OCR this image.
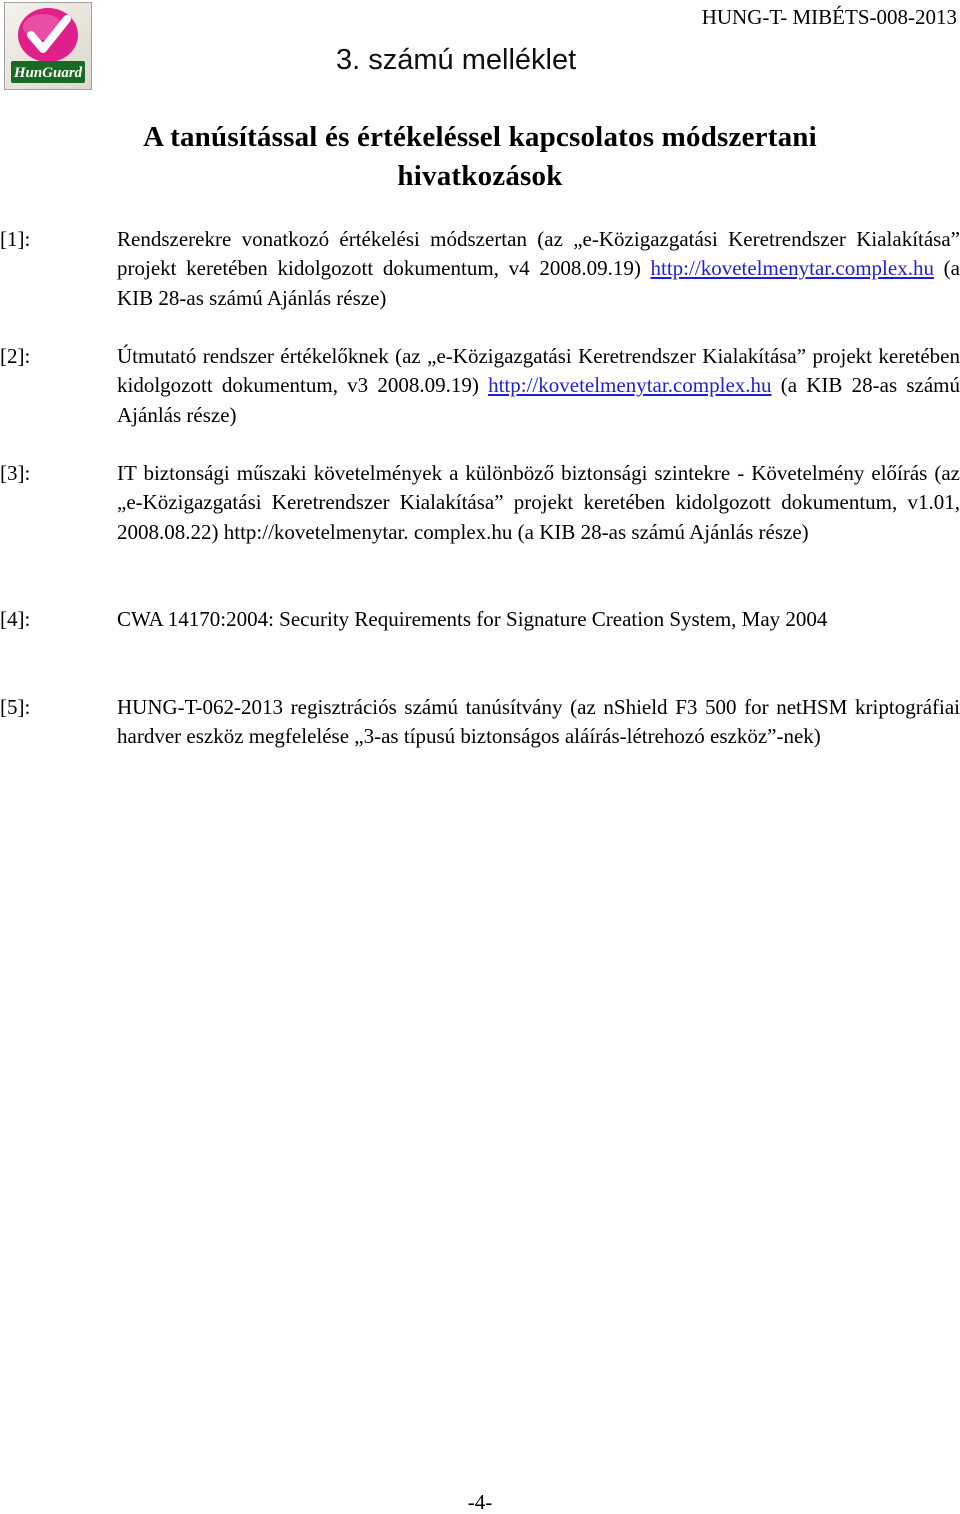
HunGuard	3. számú melléklet
HUNG-T- MIBÉTS-008-2013
A tanúsítással és értékeléssel kapcsolatos módszertani
hivatkozások
[1]:	Rendszerekre vonatkozó értékelési módszertan (az „e-Közigazgatási Keretrendszer Kialakítása” projekt keretében kidolgozott dokumentum, v4 2008.09.19) http://kovetelmenytar.complex.hu (a KIB 28-as számú Ajánlás része)
[2]:	Útmutató rendszer értékelőknek (az „e-Közigazgatási Keretrendszer Kialakítása” projekt keretében kidolgozott dokumentum, v3 2008.09.19) http://kovetelmenytar.complex.hu (a KIB 28-as számú Ajánlás része)
[3]:	IT biztonsági műszaki követelmények a különböző biztonsági szintekre - Követelmény előírás (az „e-Közigazgatási Keretrendszer Kialakítása” projekt keretében kidolgozott dokumentum, v1.01, 2008.08.22) http://kovetelmenytar. complex.hu (a KIB 28-as számú Ajánlás része)
[4]:	CWA 14170:2004: Security Requirements for Signature Creation System, May 2004
[5]:	HUNG-T-062-2013 regisztrációs számú tanúsítvány (az nShield F3 500 for netHSM kriptográfiai hardver eszköz megfelelése „3-as típusú biztonságos aláírás-létrehozó eszköz”-nek)
-4-
